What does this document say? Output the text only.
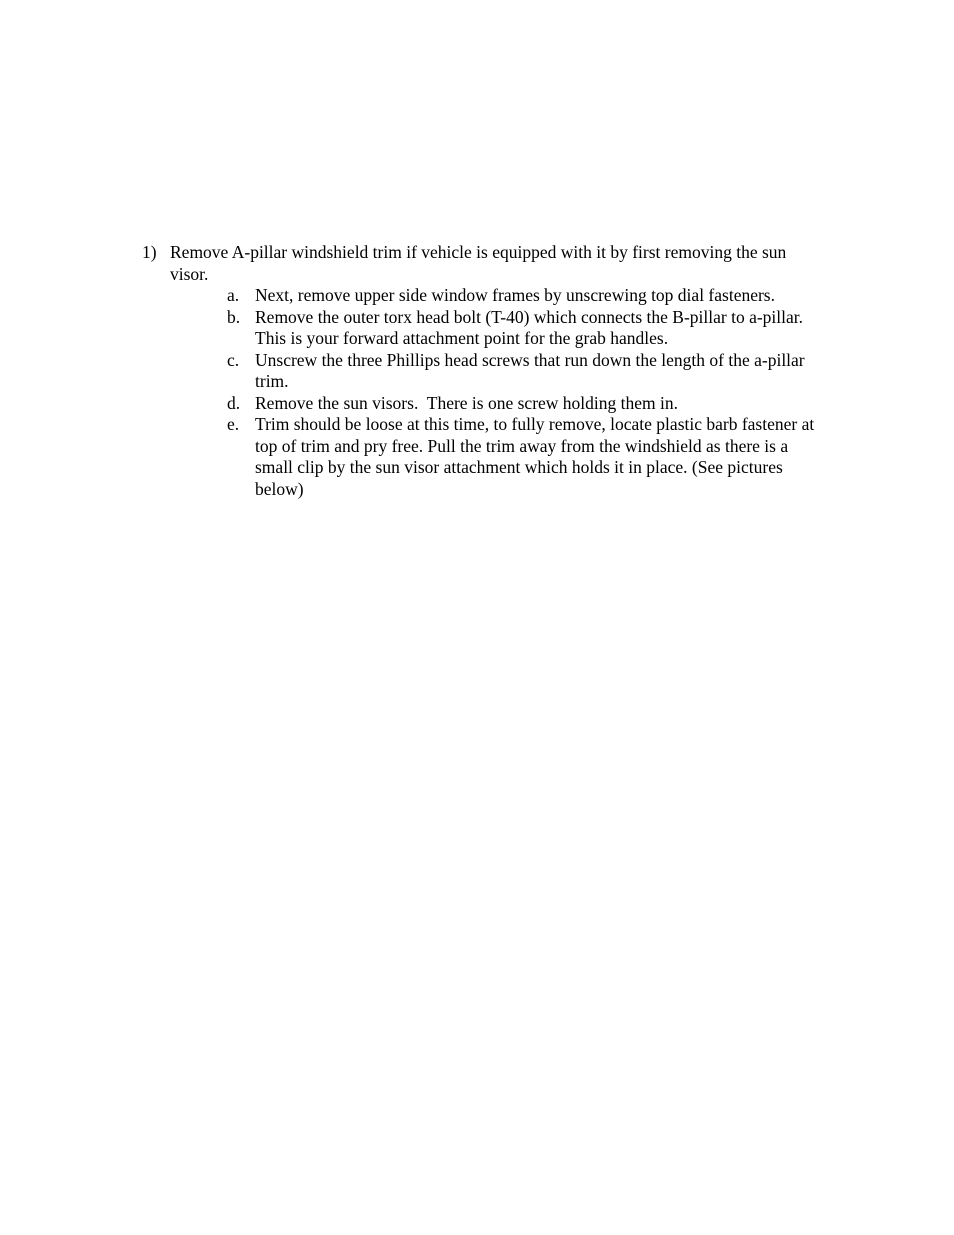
1) Remove A-pillar windshield trim if vehicle is equipped with it by first removing the sun visor.
a. Next, remove upper side window frames by unscrewing top dial fasteners.
b. Remove the outer torx head bolt (T-40) which connects the B-pillar to a-pillar.  This is your forward attachment point for the grab handles.
c. Unscrew the three Phillips head screws that run down the length of the a-pillar trim.
d. Remove the sun visors.  There is one screw holding them in.
e. Trim should be loose at this time, to fully remove, locate plastic barb fastener at top of trim and pry free. Pull the trim away from the windshield as there is a small clip by the sun visor attachment which holds it in place. (See pictures below)
